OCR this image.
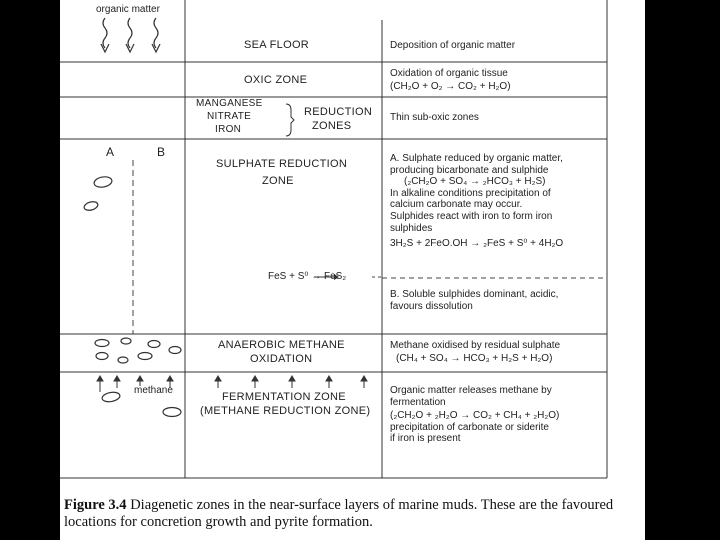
organic matter
SEA FLOOR
OXIC ZONE
MANGANESE
NITRATE
IRON
REDUCTION
ZONES
A	B
SULPHATE REDUCTION
ZONE
FeS + S⁰ → FeS₂
ANAEROBIC METHANE
OXIDATION
methane
FERMENTATION ZONE
(METHANE REDUCTION ZONE)
Deposition of organic matter
Oxidation of organic tissue
(CH₂O + O₂ → CO₂ + H₂O)
Thin sub-oxic zones
A. Sulphate reduced by organic matter,
producing bicarbonate and sulphide
(₂CH₂O + SO₄ → ₂HCO₃ + H₂S)
In alkaline conditions precipitation of
calcium carbonate may occur.
Sulphides react with iron to form iron
sulphides
3H₂S + 2FeO.OH → ₂FeS + S⁰ + 4H₂O
B. Soluble sulphides dominant, acidic,
favours dissolution
Methane oxidised by residual sulphate
(CH₄ + SO₄ → HCO₃ + H₂S + H₂O)
Organic matter releases methane by
fermentation
(₂CH₂O + ₂H₂O → CO₂ + CH₄ + ₂H₂O)
precipitation of carbonate or siderite
if iron is present
Figure 3.4 Diagenetic zones in the near-surface layers of marine muds. These are the favoured locations for concretion growth and pyrite formation.
